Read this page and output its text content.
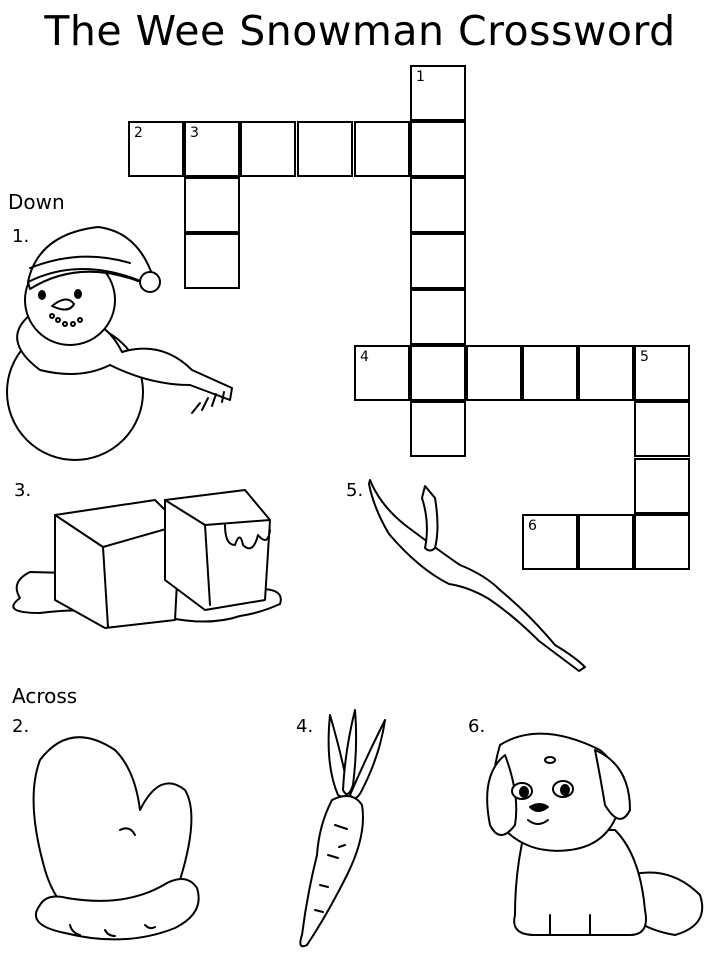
The Wee Snowman Crossword
1
2	3
4	5
6
Down
Across
1.
3.	5.
2.	4.	6.
